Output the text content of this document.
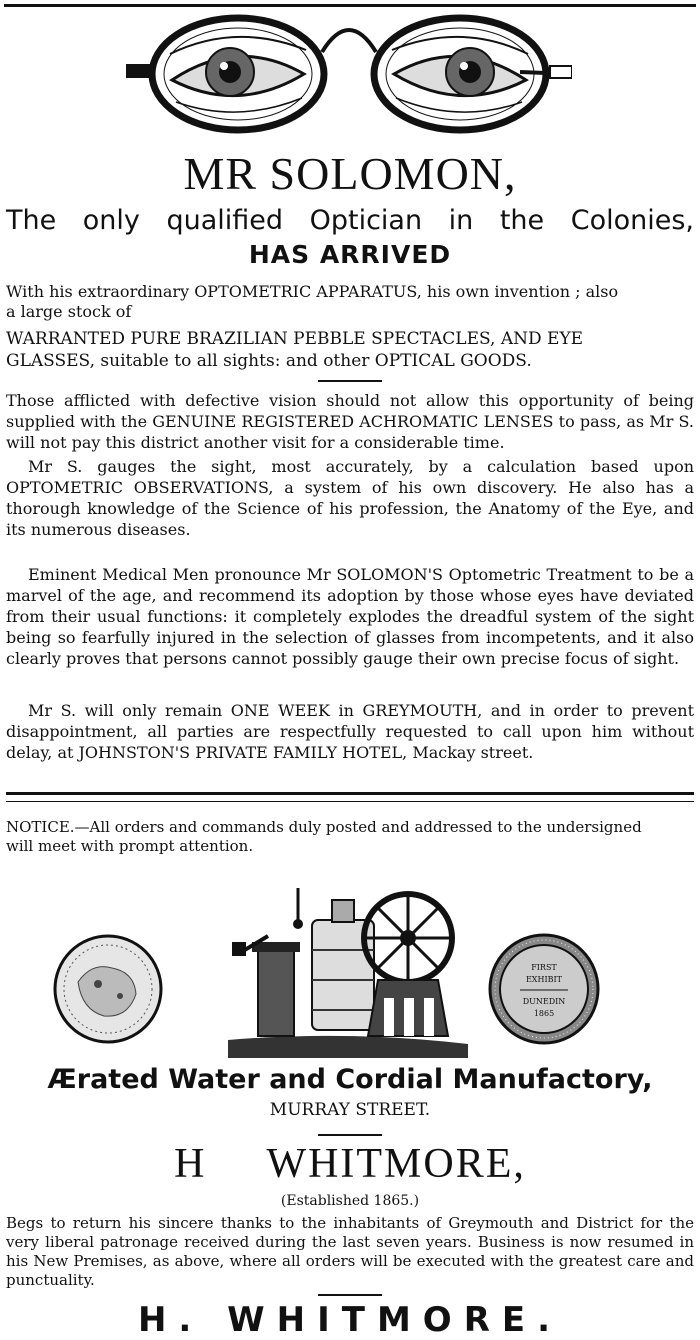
MR SOLOMON,
The only qualified Optician in the Colonies,
HAS ARRIVED
With his extraordinary OPTOMETRIC APPARATUS, his own invention ; also
a large stock of
WARRANTED PURE BRAZILIAN PEBBLE SPECTACLES, AND EYE
GLASSES, suitable to all sights: and other OPTICAL GOODS.
Those afflicted with defective vision should not allow this opportunity of being supplied with the GENUINE REGISTERED ACHROMATIC LENSES to pass, as Mr S. will not pay this district another visit for a considerable time.
Mr S. gauges the sight, most accurately, by a calculation based upon OPTOMETRIC OBSERVATIONS, a system of his own discovery. He also has a thorough knowledge of the Science of his profession, the Anatomy of the Eye, and its numerous diseases.
Eminent Medical Men pronounce Mr SOLOMON'S Optometric Treatment to be a marvel of the age, and recommend its adoption by those whose eyes have deviated from their usual functions: it completely explodes the dreadful system of the sight being so fearfully injured in the selection of glasses from incompetents, and it also clearly proves that persons cannot possibly gauge their own precise focus of sight.
Mr S. will only remain ONE WEEK in GREYMOUTH, and in order to prevent disappointment, all parties are respectfully requested to call upon him without delay, at JOHNSTON'S PRIVATE FAMILY HOTEL, Mackay street.
NOTICE.—All orders and commands duly posted and addressed to the undersigned
will meet with prompt attention.
FIRST
EXHIBIT
DUNEDIN
1865
Ærated Water and Cordial Manufactory,
MURRAY STREET.
H WHITMORE,
(Established 1865.)
Begs to return his sincere thanks to the inhabitants of Greymouth and District for the very liberal patronage received during the last seven years. Business is now resumed in his New Premises, as above, where all orders will be executed with the greatest care and punctuality.
H. WHITMORE.
